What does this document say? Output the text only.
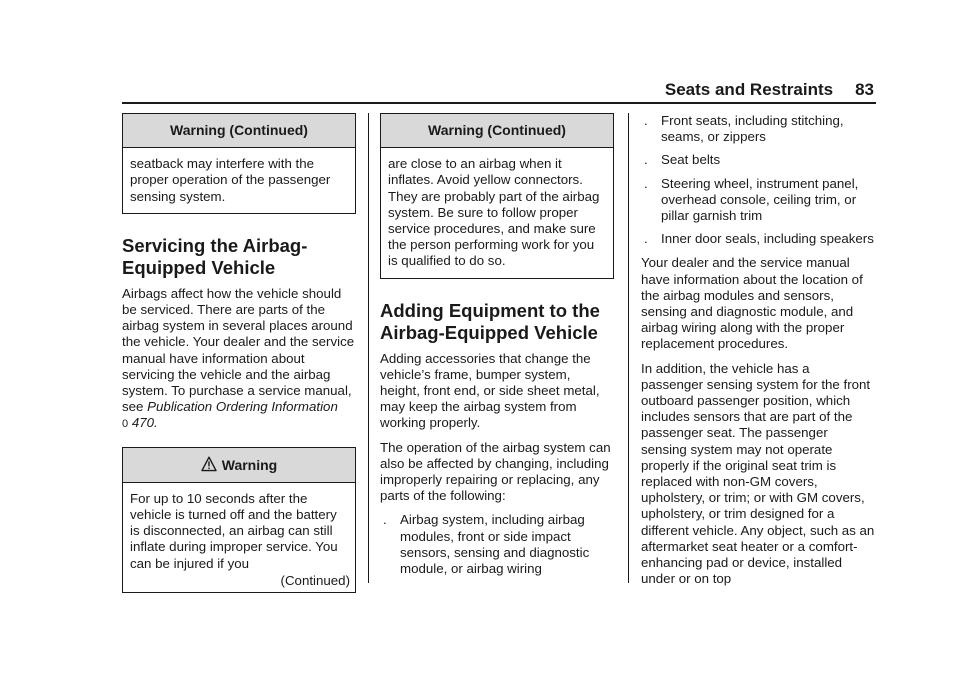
Seats and Restraints 83
Warning (Continued)
seatback may interfere with the proper operation of the passenger sensing system.
Servicing the Airbag-Equipped Vehicle

Airbags affect how the vehicle should be serviced. There are parts of the airbag system in several places around the vehicle. Your dealer and the service manual have information about servicing the vehicle and the airbag system. To purchase a service manual, see Publication Ordering Information
0 470.

Warning
For up to 10 seconds after the vehicle is turned off and the battery is disconnected, an airbag can still inflate during improper service. You can be injured if you
(Continued)
Warning (Continued)
are close to an airbag when it inflates. Avoid yellow connectors. They are probably part of the airbag system. Be sure to follow proper service procedures, and make sure the person performing work for you is qualified to do so.
Adding Equipment to the Airbag-Equipped Vehicle

Adding accessories that change the vehicle’s frame, bumper system, height, front end, or side sheet metal, may keep the airbag system from working properly.

The operation of the airbag system can also be affected by changing, including improperly repairing or replacing, any parts of the following:

. Airbag system, including airbag modules, front or side impact sensors, sensing and diagnostic module, or airbag wiring
. Front seats, including stitching, seams, or zippers
. Seat belts
. Steering wheel, instrument panel, overhead console, ceiling trim, or pillar garnish trim
. Inner door seals, including speakers

Your dealer and the service manual have information about the location of the airbag modules and sensors, sensing and diagnostic module, and airbag wiring along with the proper replacement procedures.

In addition, the vehicle has a passenger sensing system for the front outboard passenger position, which includes sensors that are part of the passenger seat. The passenger sensing system may not operate properly if the original seat trim is replaced with non-GM covers, upholstery, or trim; or with GM covers, upholstery, or trim designed for a different vehicle. Any object, such as an aftermarket seat heater or a comfort-enhancing pad or device, installed under or on top
